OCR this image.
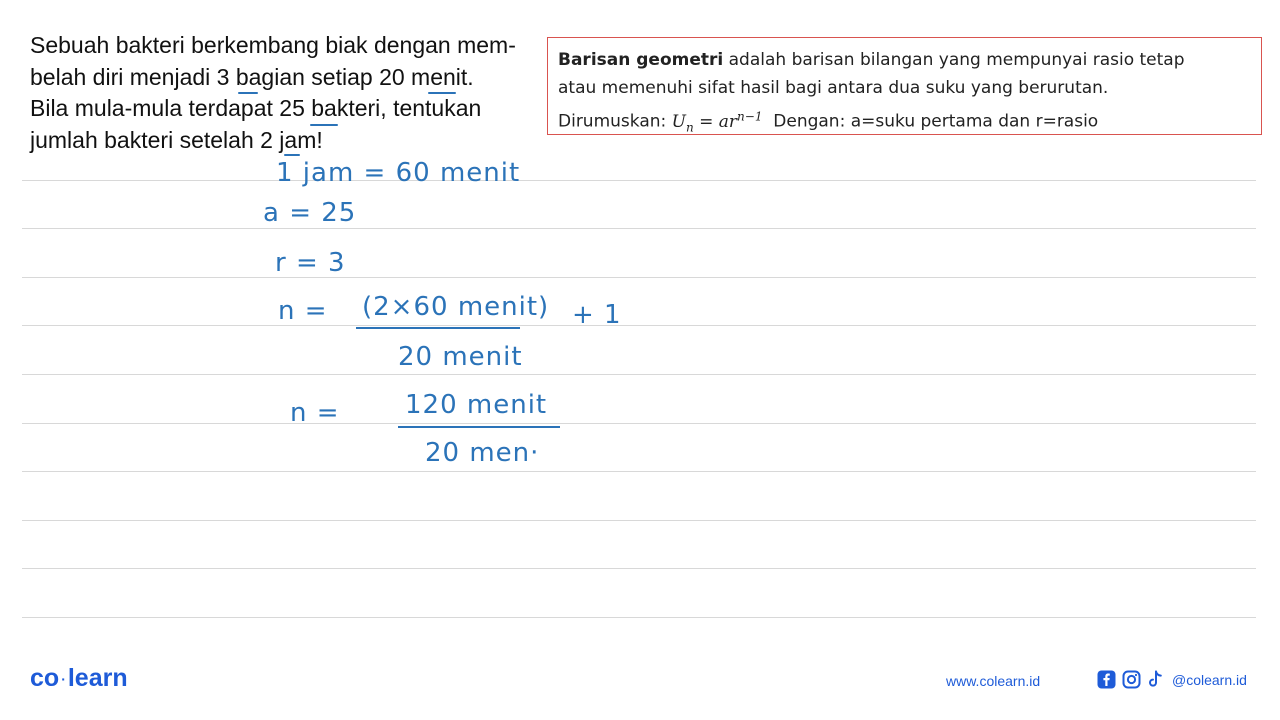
Sebuah bakteri berkembang biak dengan mem-

belah diri menjadi 3 bagian setiap 20 menit.

Bila mula-mula terdapat 25 bakteri, tentukan

jumlah bakteri setelah 2 jam!

Barisan geometri adalah barisan bilangan yang mempunyai rasio tetap
atau memenuhi sifat hasil bagi antara dua suku yang berurutan.
Dirumuskan: $U_n = ar^{n-1}$ Dengan: a=suku pertama dan r=rasio
1 jam = 60 menit
a = 25
r = 3
n = (2×60 menit) + 1
20 menit
n =	120 menit
20 men·
co ·learn	www.colearn.id	@colearn.id
